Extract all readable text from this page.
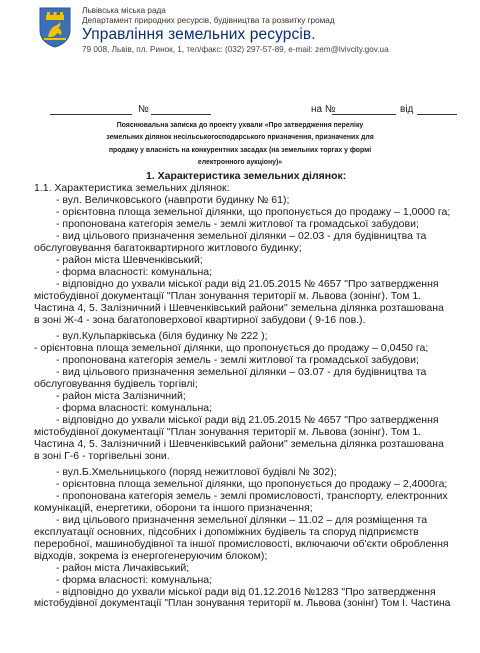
Львівська міська рада
Департамент природних ресурсів, будівництва та розвитку громад
Управління земельних ресурсів.
79 008, Львів, пл. Ринок, 1, тел/факс: (032) 297-57-89, e-mail: zem@lvivcity.gov.ua
№	на №	від
Пояснювальна записка до проекту ухвали «Про затвердження переліку
земельних ділянок несільськогосподарського призначення, призначених для
продажу у власність на конкурентних засадах (на земельних торгах у формі
електронного аукціону)»
1. Характеристика земельних ділянок:
1.1. Характеристика земельних ділянок:
- вул. Величковського (навпроти будинку № 61);
- орієнтовна площа земельної ділянки, що пропонується до продажу – 1,0000 га;
- пропонована категорія земель - землі житлової та громадської забудови;
- вид цільового призначення земельної ділянки – 02.03 - для будівництва та
обслуговування багатоквартирного житлового будинку;
- район міста Шевченківський;
- форма власності: комунальна;
- відповідно до ухвали міської ради від 21.05.2015 № 4657 "Про затвердження
містобудівної документації "План зонування території м. Львова (зонінг). Том 1.
Частина 4, 5. Залізничний і Шевченківський райони" земельна ділянка розташована
в зоні Ж-4 - зона багатоповерхової квартирної забудови ( 9-16 пов.).
- вул.Кульпарківська (біля будинку № 222 );
- орієнтовна площа земельної ділянки, що пропонується до продажу – 0,0450 га;
- пропонована категорія земель - землі житлової та громадської забудови;
- вид цільового призначення земельної ділянки – 03.07 - для будівництва та
обслуговування будівель торгівлі;
- район міста Залізничний;
- форма власності: комунальна;
- відповідно до ухвали міської ради від 21.05.2015 № 4657 "Про затвердження
містобудівної документації "План зонування території м. Львова (зонінг). Том 1.
Частина 4, 5. Залізничний і Шевченківський райони" земельна ділянка розташована
в зоні Г-6 - торгівельні зони.
- вул.Б.Хмельницького (поряд нежитлової будівлі № 302);
- орієнтовна площа земельної ділянки, що пропонується до продажу – 2,4000га;
- пропонована категорія земель - землі промисловості, транспорту, електронних
комунікацій, енергетики, оборони та іншого призначення;
- вид цільового призначення земельної ділянки – 11.02 – для розміщення та
експлуатації основних, підсобних і допоміжних будівель та споруд підприємств
переробної, машинобудівної та іншої промисловості, включаючи об'єкти оброблення
відходів, зокрема із енергогенеруючим блоком);
- район міста Личаківський;
- форма власності: комунальна;
- відповідно до ухвали міської ради від 01.12.2016 №1283 "Про затвердження
містобудівної документації "План зонування території м. Львова (зонінг) Том І. Частина
